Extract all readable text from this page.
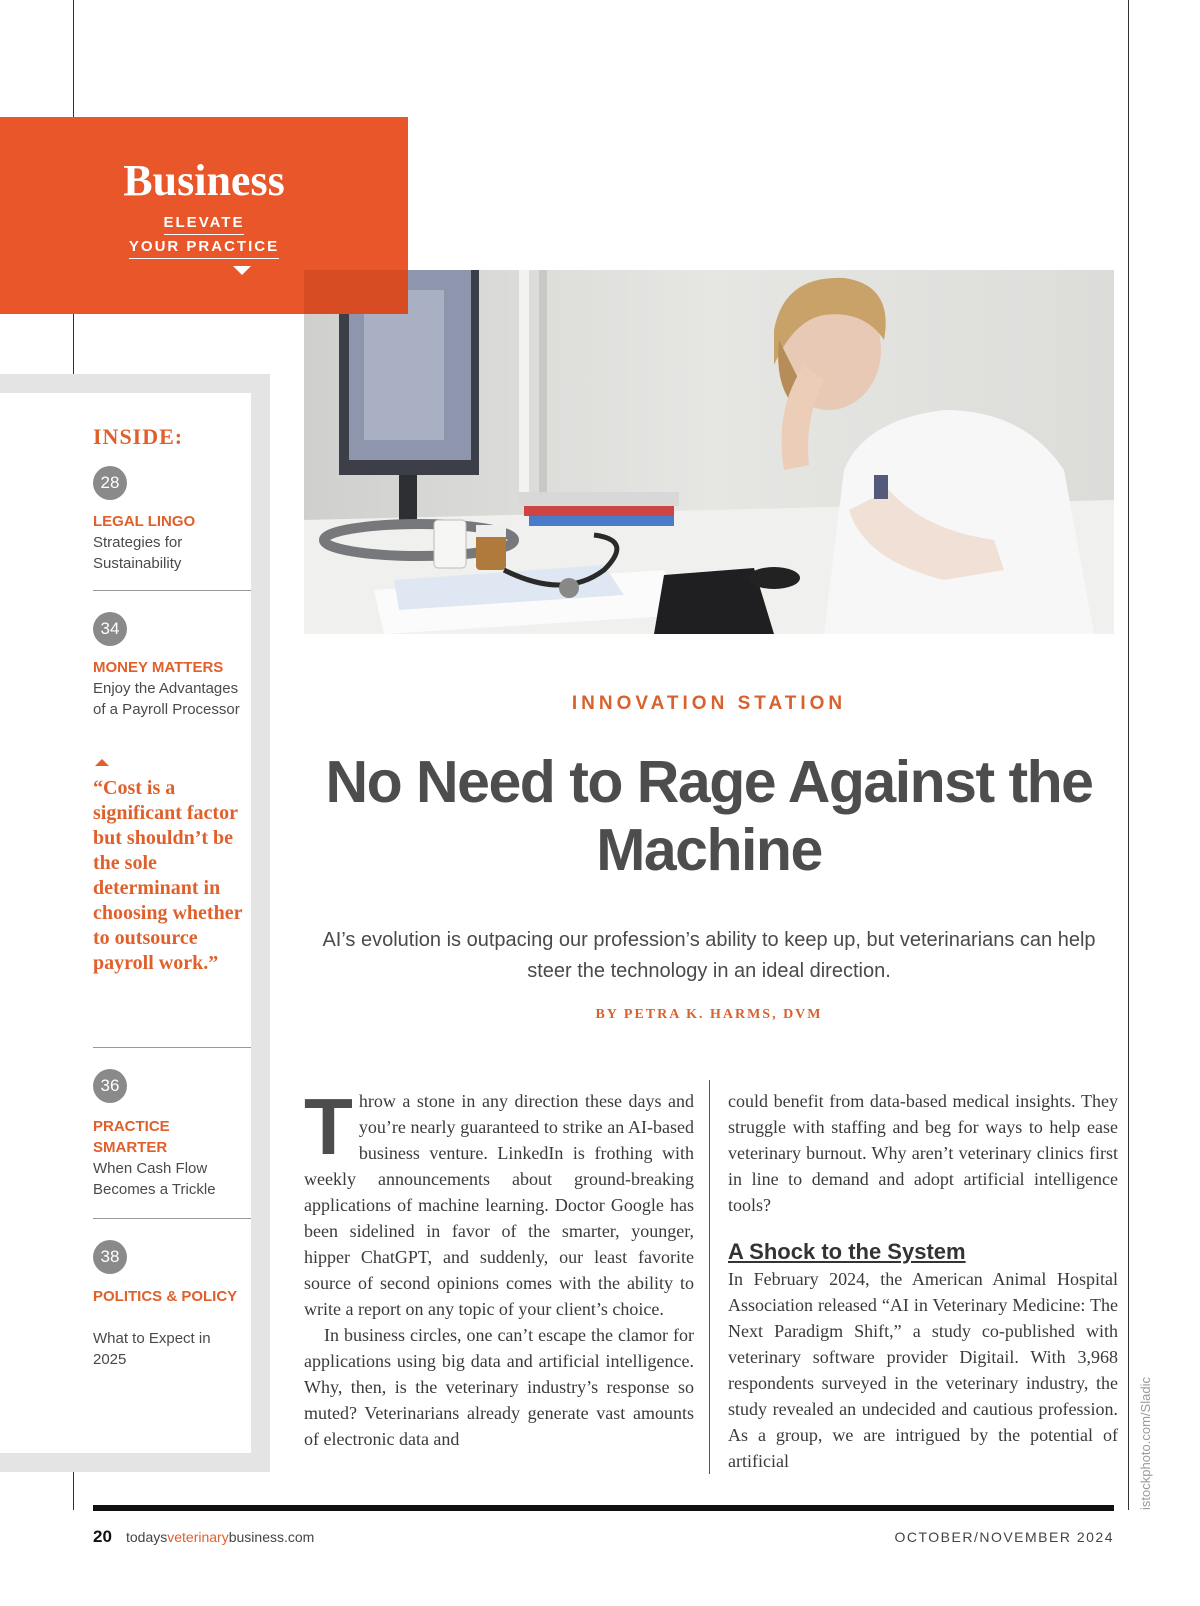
INSIDE:
28
LEGAL LINGO
Strategies for Sustainability
34
MONEY MATTERS
Enjoy the Advantages of a Payroll Processor
“Cost is a significant factor but shouldn’t be the sole determinant in choosing whether to outsource payroll work.”
36
PRACTICE SMARTER
When Cash Flow Becomes a Trickle
38
POLITICS & POLICY
What to Expect in 2025
Business
ELEVATE
YOUR PRACTICE
INNOVATION STATION
No Need to Rage Against the Machine
AI’s evolution is outpacing our profession’s ability to keep up, but veterinarians can help steer the technology in an ideal direction.
BY PETRA K. HARMS, DVM

Throw a stone in any direction these days and you’re nearly guaranteed to strike an AI-based business venture. LinkedIn is frothing with weekly announcements about ground-breaking applications of machine learning. Doctor Google has been sidelined in favor of the smarter, younger, hipper ChatGPT, and suddenly, our least favorite source of second opinions comes with the ability to write a report on any topic of your client’s choice.

In business circles, one can’t escape the clamor for applications using big data and artificial intelligence. Why, then, is the veterinary industry’s response so muted? Veterinarians already generate vast amounts of electronic data and

could benefit from data-based medical insights. They struggle with staffing and beg for ways to help ease veterinary burnout. Why aren’t veterinary clinics first in line to demand and adopt artificial intelligence tools?

A Shock to the System

In February 2024, the American Animal Hospital Association released “AI in Veterinary Medicine: The Next Paradigm Shift,” a study co-published with veterinary software provider Digitail. With 3,968 respondents surveyed in the veterinary industry, the study revealed an undecided and cautious profession. As a group, we are intrigued by the potential of artificial	istockphoto.com/Sladic
20 todaysveterinarybusiness.com	OCTOBER/NOVEMBER 2024
